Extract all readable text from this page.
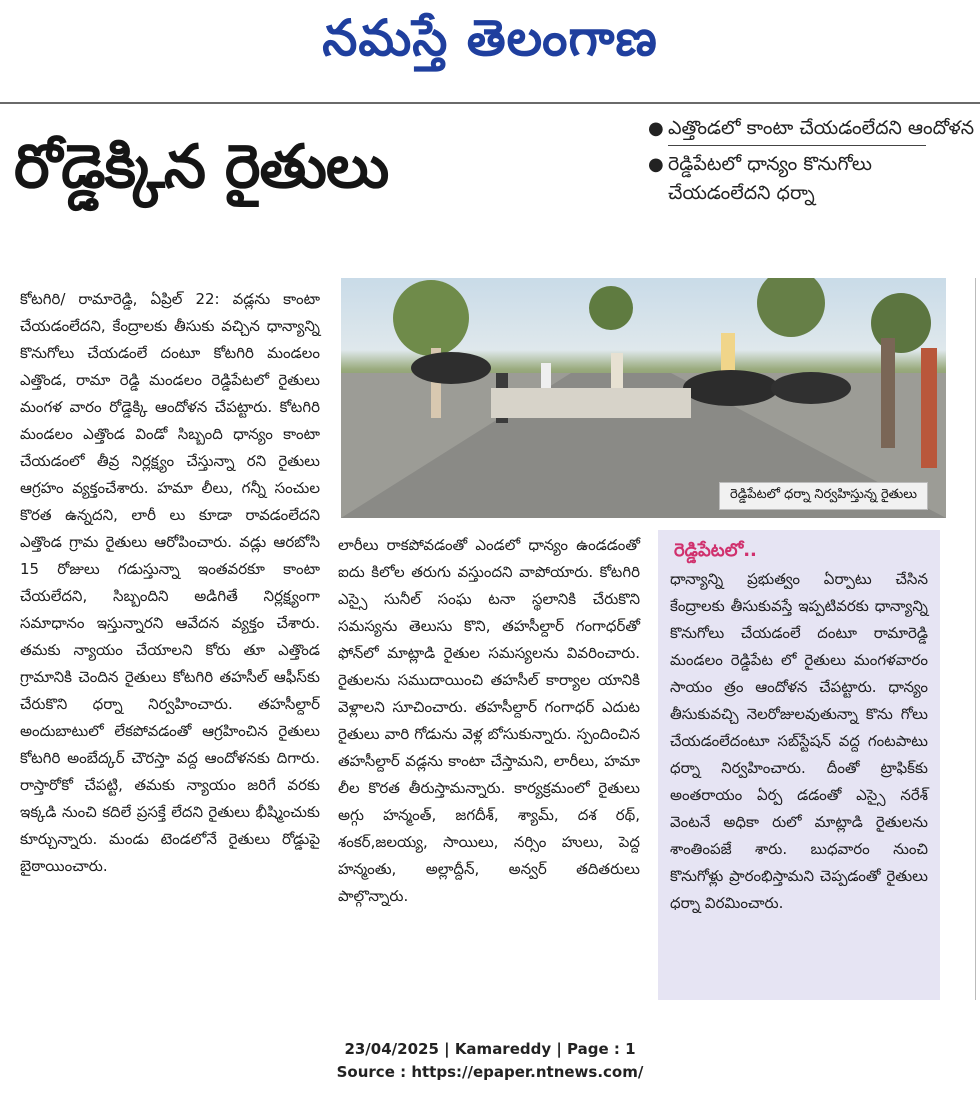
నమస్తే తెలంగాణ
రోడ్డెక్కిన రైతులు
● ఎత్తొండలో కాంటా చేయడంలేదని ఆందోళన
● రెడ్డిపేటలో ధాన్యం కొనుగోలు చేయడంలేదని ధర్నా
కోటగిరి/ రామారెడ్డి, ఏప్రిల్ 22: వడ్లను కాంటా చేయడంలేదని, కేంద్రాలకు తీసుకు వచ్చిన ధాన్యాన్ని కొనుగోలు చేయడంలే దంటూ కోటగిరి మండలం ఎత్తొండ, రామా రెడ్డి మండలం రెడ్డిపేటలో రైతులు మంగళ వారం రోడ్డెక్కి ఆందోళన చేపట్టారు. కోటగిరి మండలం ఎత్తొండ విండో సిబ్బంది ధాన్యం కాంటా చేయడంలో తీవ్ర నిర్లక్ష్యం చేస్తున్నా రని రైతులు ఆగ్రహం వ్యక్తంచేశారు. హమా లీలు, గన్నీ సంచుల కొరత ఉన్నదని, లారీ లు కూడా రావడంలేదని ఎత్తొండ గ్రామ రైతులు ఆరోపించారు. వడ్లు ఆరబోసి 15 రోజులు గడుస్తున్నా ఇంతవరకూ కాంటా చేయలేదని, సిబ్బందిని అడిగితే నిర్లక్ష్యంగా సమాధానం ఇస్తున్నారని ఆవేదన వ్యక్తం చేశారు. తమకు న్యాయం చేయాలని కోరు తూ ఎత్తొండ గ్రామానికి చెందిన రైతులు కోటగిరి తహసీల్ ఆఫీస్‌కు చేరుకొని ధర్నా నిర్వహించారు. తహసీల్దార్ అందుబాటులో లేకపోవడంతో ఆగ్రహించిన రైతులు కోటగిరి అంబేద్కర్ చౌరస్తా వద్ద ఆందోళనకు దిగారు. రాస్తారోకో చేపట్టి, తమకు న్యాయం జరిగే వరకు ఇక్కడి నుంచి కదిలే ప్రసక్తే లేదని రైతులు భీష్మించుకు కూర్చున్నారు. మండు టెండలోనే రైతులు రోడ్డుపై బైఠాయించారు.
రెడ్డిపేటలో ధర్నా నిర్వహిస్తున్న రైతులు
లారీలు రాకపోవడంతో ఎండలో ధాన్యం ఉండడంతో ఐదు కిలోల తరుగు వస్తుందని వాపోయారు. కోటగిరి ఎస్సై సునీల్ సంఘ టనా స్థలానికి చేరుకొని సమస్యను తెలుసు కొని, తహసీల్దార్ గంగాధర్‌తో ఫోన్‌లో మాట్లాడి రైతుల సమస్యలను వివరించారు. రైతులను సముదాయించి తహసీల్ కార్యాల యానికి వెళ్లాలని సూచించారు. తహసీల్దార్ గంగాధర్ ఎదుట రైతులు వారి గోడును వెళ్ల బోసుకున్నారు. స్పందించిన తహసీల్దార్ వడ్లను కాంటా చేస్తామని, లారీలు, హమా లీల కొరత తీరుస్తామన్నారు. కార్యక్రమంలో రైతులు అగ్గు హన్మంత్, జగదీశ్, శ్యామ్, దశ రథ్, శంకర్,జలయ్య, సాయిలు, నర్సిం హులు, పెద్ద హన్మంతు, అల్లాద్దీన్, అన్వర్ తదితరులు పాల్గొన్నారు.
రెడ్డిపేటలో..
ధాన్యాన్ని ప్రభుత్వం ఏర్పాటు చేసిన కేంద్రాలకు తీసుకువస్తే ఇప్పటివరకు ధాన్యాన్ని కొనుగోలు చేయడంలే దంటూ రామారెడ్డి మండలం రెడ్డిపేట లో రైతులు మంగళవారం సాయం త్రం ఆందోళన చేపట్టారు. ధాన్యం తీసుకువచ్చి నెలరోజులవుతున్నా కొను గోలు చేయడంలేదంటూ సబ్‌స్టేషన్ వద్ద గంటపాటు ధర్నా నిర్వహించారు. దీంతో ట్రాఫిక్‌కు అంతరాయం ఏర్ప డడంతో ఎస్సై నరేశ్ వెంటనే అధికా రులో మాట్లాడి రైతులను శాంతింపజే శారు. బుధవారం నుంచి కొనుగోళ్లు ప్రారంభిస్తామని చెప్పడంతో రైతులు ధర్నా విరమించారు.
23/04/2025 | Kamareddy | Page : 1
Source : https://epaper.ntnews.com/
